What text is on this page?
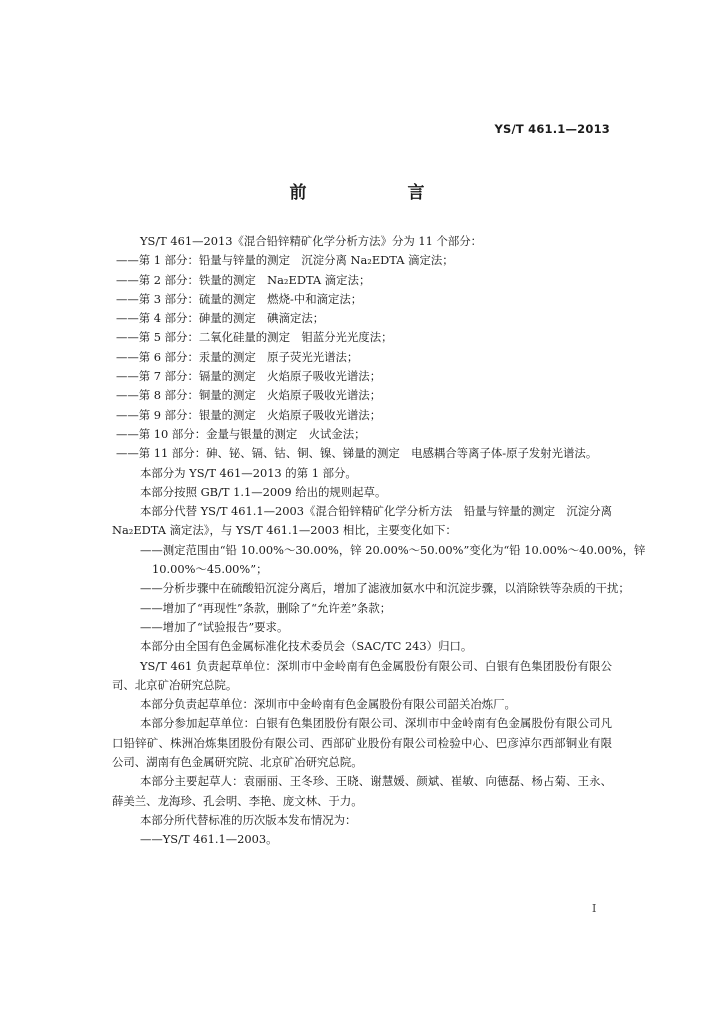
YS/T 461.1—2013
前　言

YS/T 461—2013《混合铅锌精矿化学分析方法》分为 11 个部分：

——第 1 部分：铅量与锌量的测定　沉淀分离 Na₂EDTA 滴定法；

——第 2 部分：铁量的测定　Na₂EDTA 滴定法；

——第 3 部分：硫量的测定　燃烧-中和滴定法；

——第 4 部分：砷量的测定　碘滴定法；

——第 5 部分：二氧化硅量的测定　钼蓝分光光度法；

——第 6 部分：汞量的测定　原子荧光光谱法；

——第 7 部分：镉量的测定　火焰原子吸收光谱法；

——第 8 部分：铜量的测定　火焰原子吸收光谱法；

——第 9 部分：银量的测定　火焰原子吸收光谱法；

——第 10 部分：金量与银量的测定　火试金法；

——第 11 部分：砷、铋、镉、钴、铜、镍、锑量的测定　电感耦合等离子体-原子发射光谱法。

本部分为 YS/T 461—2013 的第 1 部分。

本部分按照 GB/T 1.1—2009 给出的规则起草。

本部分代替 YS/T 461.1—2003《混合铅锌精矿化学分析方法　铅量与锌量的测定　沉淀分离 Na₂EDTA 滴定法》，与 YS/T 461.1—2003 相比，主要变化如下：

——测定范围由“铅 10.00%～30.00%，锌 20.00%～50.00%”变化为“铅 10.00%～40.00%，锌

10.00%～45.00%”；

——分析步骤中在硫酸铅沉淀分离后，增加了滤液加氨水中和沉淀步骤，以消除铁等杂质的干扰；

——增加了“再现性”条款，删除了“允许差”条款；

——增加了“试验报告”要求。

本部分由全国有色金属标准化技术委员会（SAC/TC 243）归口。

YS/T 461 负责起草单位：深圳市中金岭南有色金属股份有限公司、白银有色集团股份有限公司、北京矿冶研究总院。

本部分负责起草单位：深圳市中金岭南有色金属股份有限公司韶关冶炼厂。

本部分参加起草单位：白银有色集团股份有限公司、深圳市中金岭南有色金属股份有限公司凡口铅锌矿、株洲冶炼集团股份有限公司、西部矿业股份有限公司检验中心、巴彦淖尔西部铜业有限公司、湖南有色金属研究院、北京矿冶研究总院。

本部分主要起草人：袁丽丽、王冬珍、王晓、谢慧媛、颜斌、崔敏、向德磊、杨占菊、王永、薛美兰、龙海珍、孔会明、李艳、庞文林、于力。

本部分所代替标准的历次版本发布情况为：

——YS/T 461.1—2003。

Ⅰ
